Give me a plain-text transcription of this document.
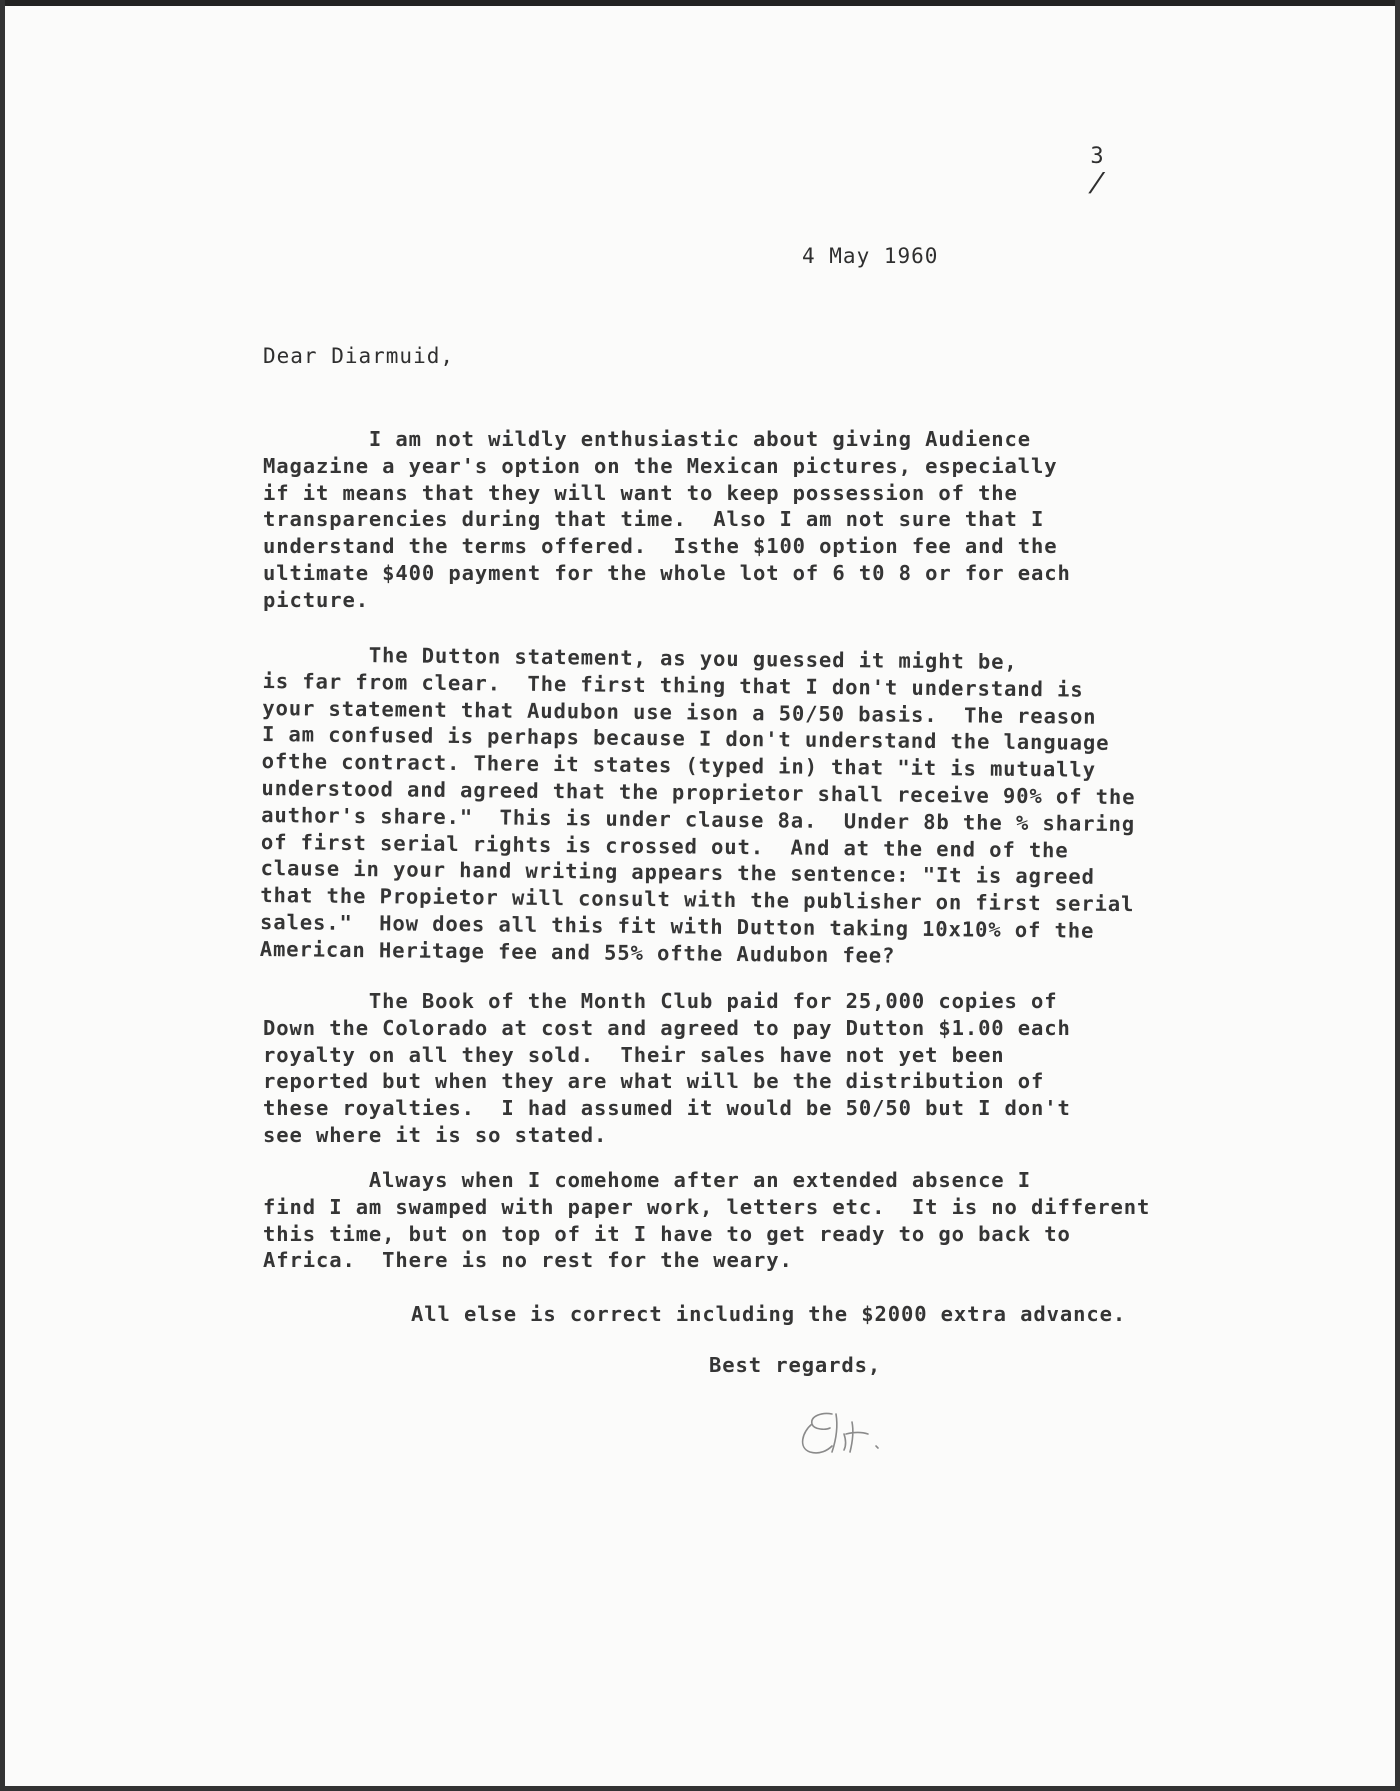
3
/
4 May 1960
Dear Diarmuid,
I am not wildly enthusiastic about giving Audience
Magazine a year's option on the Mexican pictures, especially
if it means that they will want to keep possession of the
transparencies during that time.  Also I am not sure that I
understand the terms offered.  Isthe $100 option fee and the
ultimate $400 payment for the whole lot of 6 t0 8 or for each
picture.
The Dutton statement, as you guessed it might be,
is far from clear.  The first thing that I don't understand is
your statement that Audubon use ison a 50/50 basis.  The reason
I am confused is perhaps because I don't understand the language
ofthe contract. There it states (typed in) that "it is mutually
understood and agreed that the proprietor shall receive 90% of the
author's share."  This is under clause 8a.  Under 8b the % sharing
of first serial rights is crossed out.  And at the end of the
clause in your hand writing appears the sentence: "It is agreed
that the Propietor will consult with the publisher on first serial
sales."  How does all this fit with Dutton taking 10x10% of the
American Heritage fee and 55% ofthe Audubon fee?
The Book of the Month Club paid for 25,000 copies of
Down the Colorado at cost and agreed to pay Dutton $1.00 each
royalty on all they sold.  Their sales have not yet been
reported but when they are what will be the distribution of
these royalties.  I had assumed it would be 50/50 but I don't
see where it is so stated.
Always when I comehome after an extended absence I
find I am swamped with paper work, letters etc.  It is no different
this time, but on top of it I have to get ready to go back to
Africa.  There is no rest for the weary.
All else is correct including the $2000 extra advance.
Best regards,
